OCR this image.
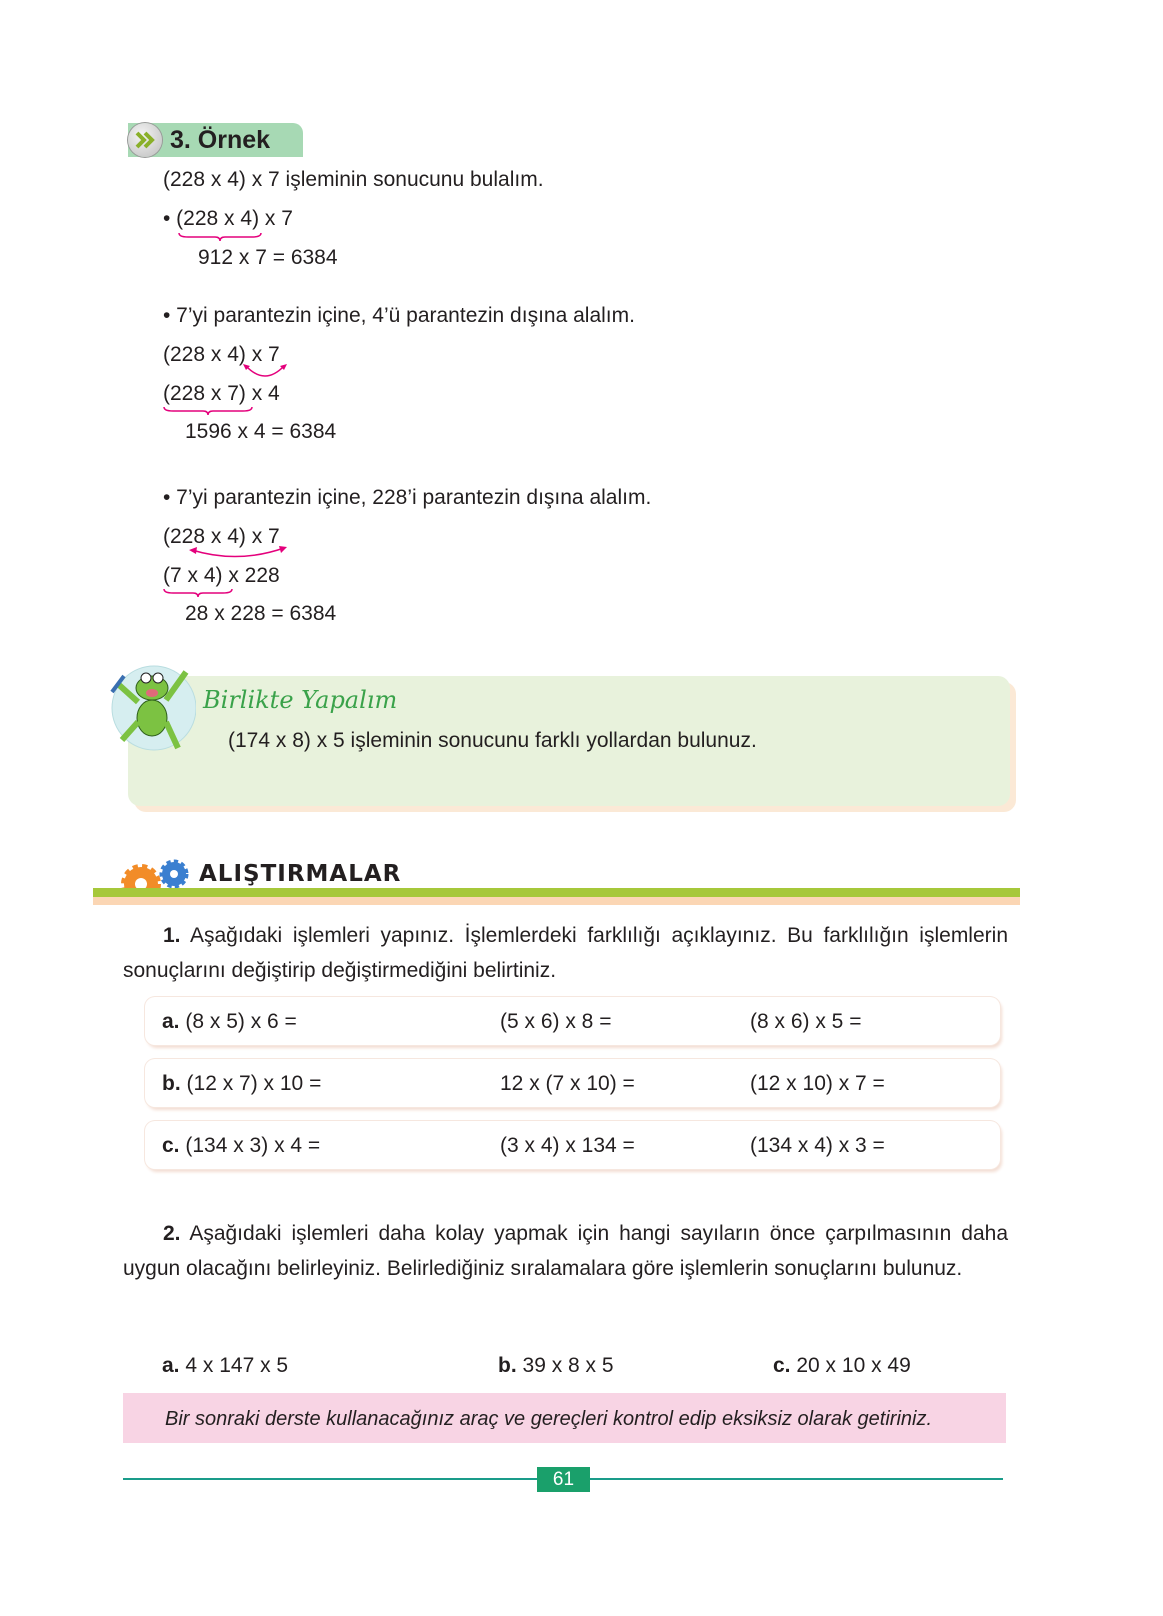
3. Örnek
(228 x 4) x 7 işleminin sonucunu bulalım.
• (228 x 4) x 7
912 x 7 = 6384
• 7’yi parantezin içine, 4’ü parantezin dışına alalım.
(228 x 4) x 7
(228 x 7) x 4
1596 x 4 = 6384
• 7’yi parantezin içine, 228’i parantezin dışına alalım.
(228 x 4) x 7
(7 x 4) x 228
28 x 228 = 6384
Birlikte Yapalım
(174 x 8) x 5 işleminin sonucunu farklı yollardan bulunuz.
ALIŞTIRMALAR
1. Aşağıdaki işlemleri yapınız. İşlemlerdeki farklılığı açıklayınız. Bu farklılığın işlemlerin sonuçlarını değiştirip değiştirmediğini belirtiniz.
a. (8 x 5) x 6 =	(5 x 6) x 8 =	(8 x 6) x 5 =
b. (12 x 7) x 10 =	12 x (7 x 10) =	(12 x 10) x 7 =
c. (134 x 3) x 4 =	(3 x 4) x 134 =	(134 x 4) x 3 =
2. Aşağıdaki işlemleri daha kolay yapmak için hangi sayıların önce çarpılmasının daha uygun olacağını belirleyiniz. Belirlediğiniz sıralamalara göre işlemlerin sonuçlarını bulunuz.
a. 4 x 147 x 5	b. 39 x 8 x 5	c. 20 x 10 x 49
Bir sonraki derste kullanacağınız araç ve gereçleri kontrol edip eksiksiz olarak getiriniz.
61
